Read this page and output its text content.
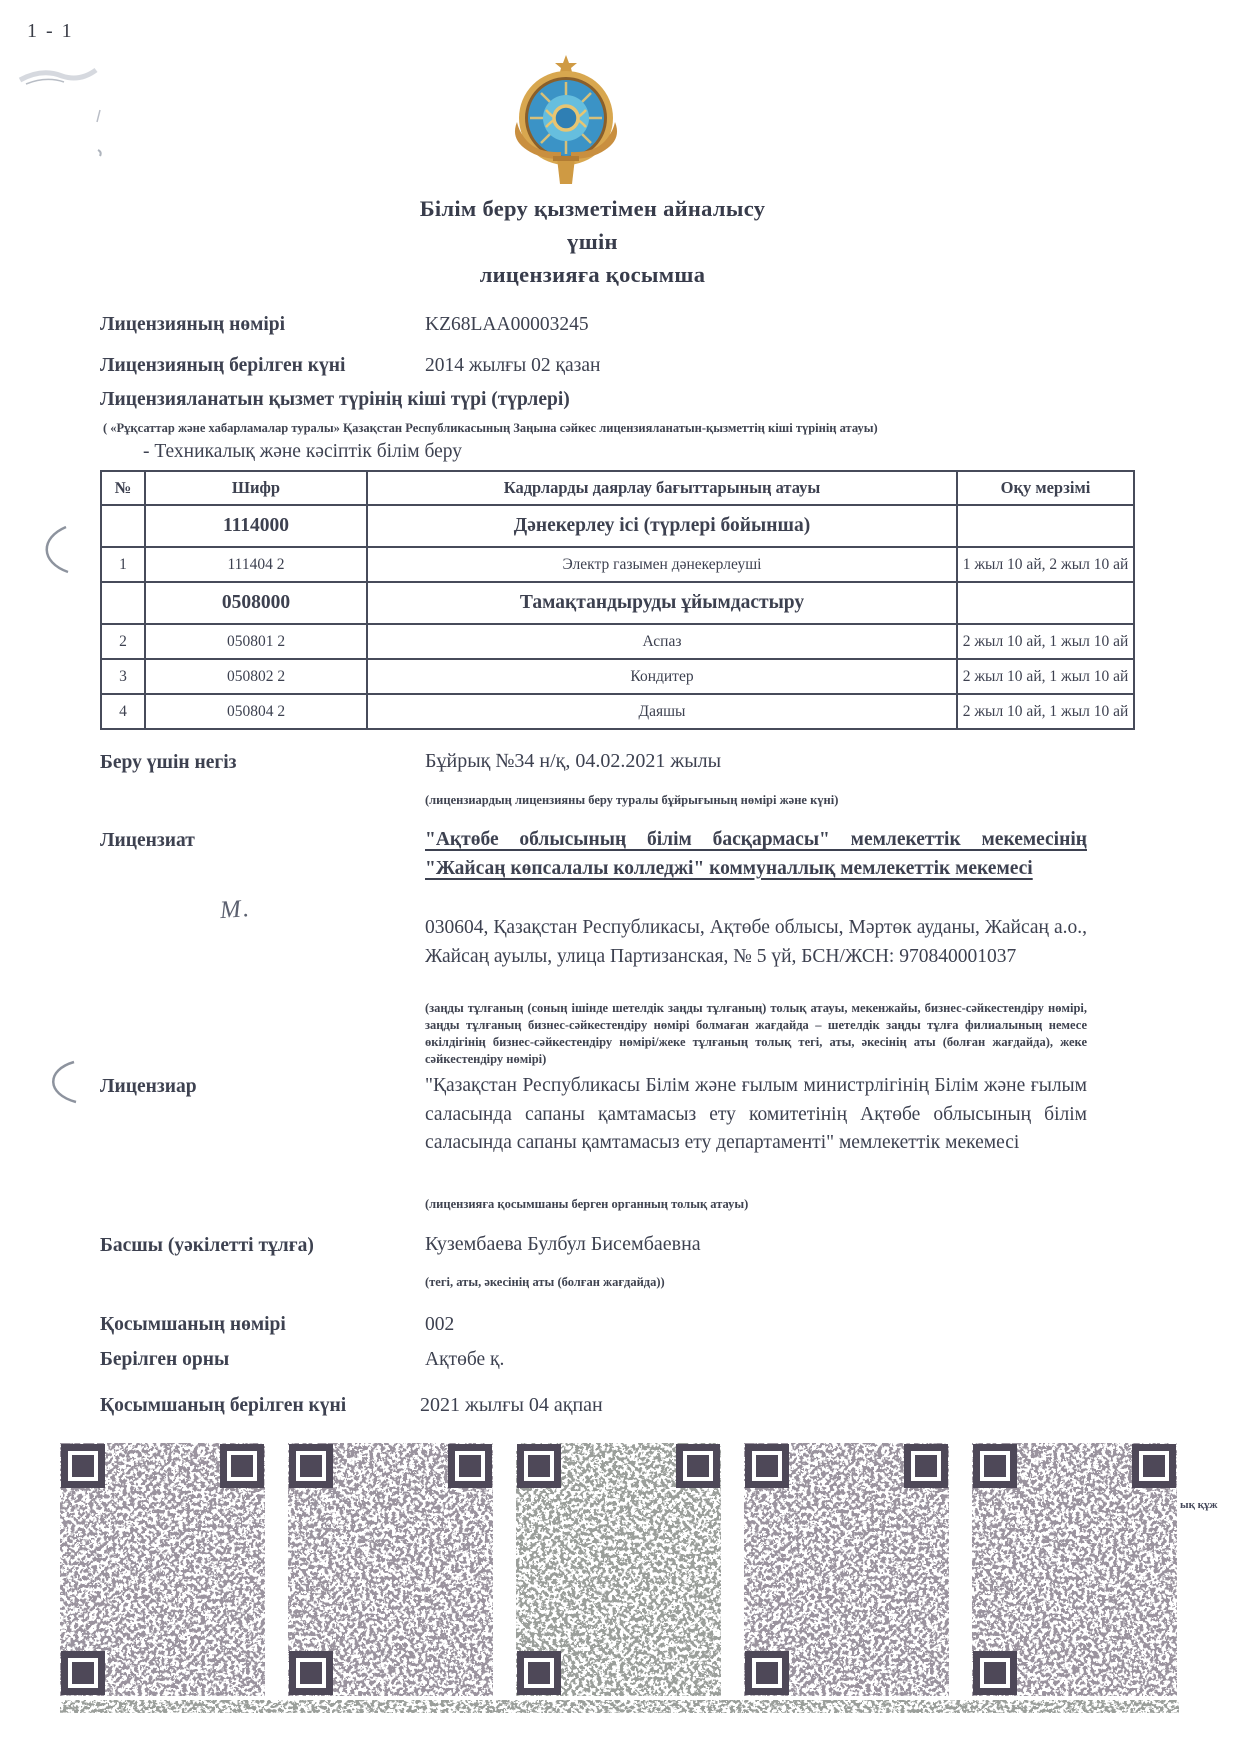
1 - 1
Білім беру қызметімен айналысу
үшін
лицензияға қосымша
Лицензияның нөмірі	KZ68LAA00003245
Лицензияның берілген күні	2014 жылғы 02 қазан
Лицензияланатын қызмет түрінің кіші түрі (түрлері)
( «Рұқсаттар және хабарламалар туралы» Қазақстан Республикасының Заңына сәйкес лицензияланатын-қызметтің кіші түрінің атауы)
- Техникалық және кәсіптік білім беру
№	Шифр	Кадрларды даярлау бағыттарының атауы	Оқу мерзімі
	1114000	Дәнекерлеу ісі (түрлері бойынша)	
1	111404 2	Электр газымен дәнекерлеуші	1 жыл 10 ай, 2 жыл 10 ай
	0508000	Тамақтандыруды ұйымдастыру	
2	050801 2	Аспаз	2 жыл 10 ай, 1 жыл 10 ай
3	050802 2	Кондитер	2 жыл 10 ай, 1 жыл 10 ай
4	050804 2	Даяшы	2 жыл 10 ай, 1 жыл 10 ай
Беру үшін негіз	Бұйрық №34 н/қ, 04.02.2021 жылы
(лицензиардың лицензияны беру туралы бұйрығының нөмірі және күні)
Лицензиат	"Ақтөбе облысының білім басқармасы" мемлекеттік мекемесінің "Жайсаң көпсалалы колледжі" коммуналлық мемлекеттік мекемесі
030604, Қазақстан Республикасы, Ақтөбе облысы, Мәртөк ауданы, Жайсаң а.о., Жайсаң ауылы, улица Партизанская, № 5 үй, БСН/ЖСН: 970840001037
М.
(заңды тұлғаның (соның ішінде шетелдік заңды тұлғаның) толық атауы, мекенжайы, бизнес-сәйкестендіру нөмірі, заңды тұлғаның бизнес-сәйкестендіру нөмірі болмаған жағдайда – шетелдік заңды тұлға филиалының немесе өкілдігінің бизнес-сәйкестендіру нөмірі/жеке тұлғаның толық тегі, аты, әкесінің аты (болған жағдайда), жеке сәйкестендіру нөмірі)
Лицензиар	"Қазақстан Республикасы Білім және ғылым министрлігінің Білім және ғылым саласында сапаны қамтамасыз ету комитетінің Ақтөбе облысының білім саласында сапаны қамтамасыз ету департаменті" мемлекеттік мекемесі
(лицензияға қосымшаны берген органның толық атауы)
Басшы (уәкілетті тұлға)	Кузембаева Булбул Бисембаевна
(тегі, аты, әкесінің аты (болған жағдайда))
Қосымшаның нөмірі	002
Берілген орны	Ақтөбе қ.
Қосымшаның берілген күні	2021 жылғы 04 ақпан
ық құж
